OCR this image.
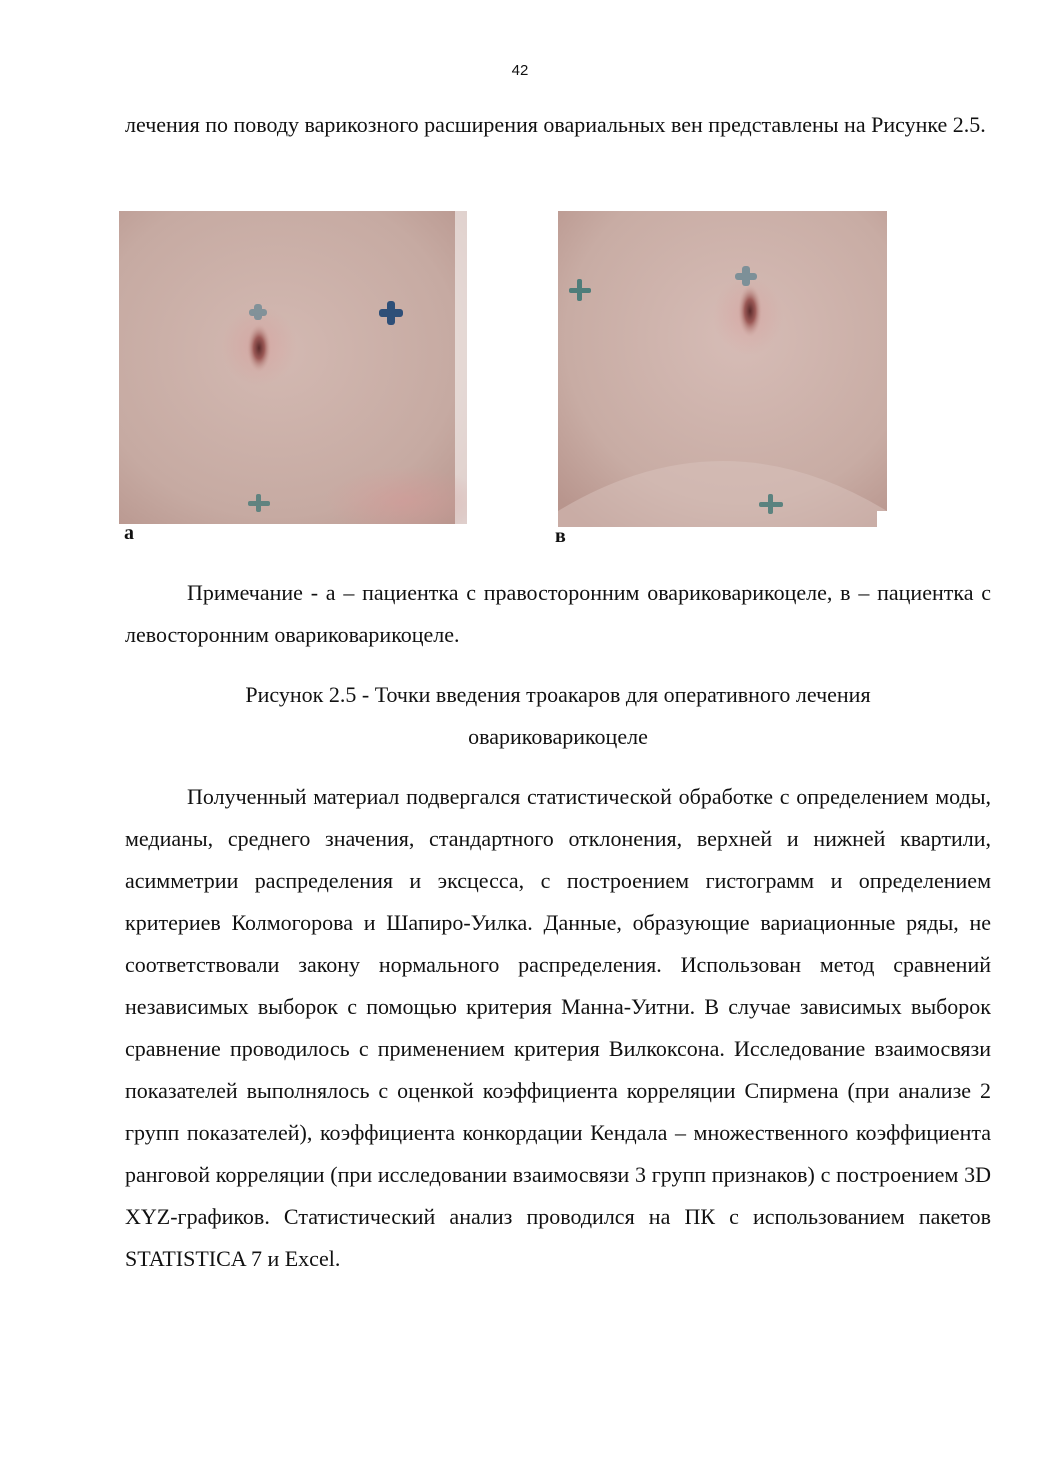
42

лечения по поводу варикозного расширения овариальных вен представлены на Рисунке 2.5.

а	в

Примечание - а – пациентка с правосторонним овариковарикоцеле, в – пациентка с левосторонним овариковарикоцеле.

Рисунок 2.5 - Точки введения троакаров для оперативного лечения овариковарикоцеле

Полученный материал подвергался статистической обработке с определением моды, медианы, среднего значения, стандартного отклонения, верхней и нижней квартили, асимметрии распределения и эксцесса, с построением гистограмм и определением критериев Колмогорова и Шапиро-Уилка. Данные, образующие вариационные ряды, не соответствовали закону нормального распределения. Использован метод сравнений независимых выборок с помощью критерия Манна-Уитни. В случае зависимых выборок сравнение проводилось с применением критерия Вилкоксона. Исследование взаимосвязи показателей выполнялось с оценкой коэффициента корреляции Спирмена (при анализе 2 групп показателей), коэффициента конкордации Кендала – множественного коэффициента ранговой корреляции (при исследовании взаимосвязи 3 групп признаков) с построением 3D XYZ-графиков. Статистический анализ проводился на ПК с использованием пакетов STATISTICA 7 и Excel.
